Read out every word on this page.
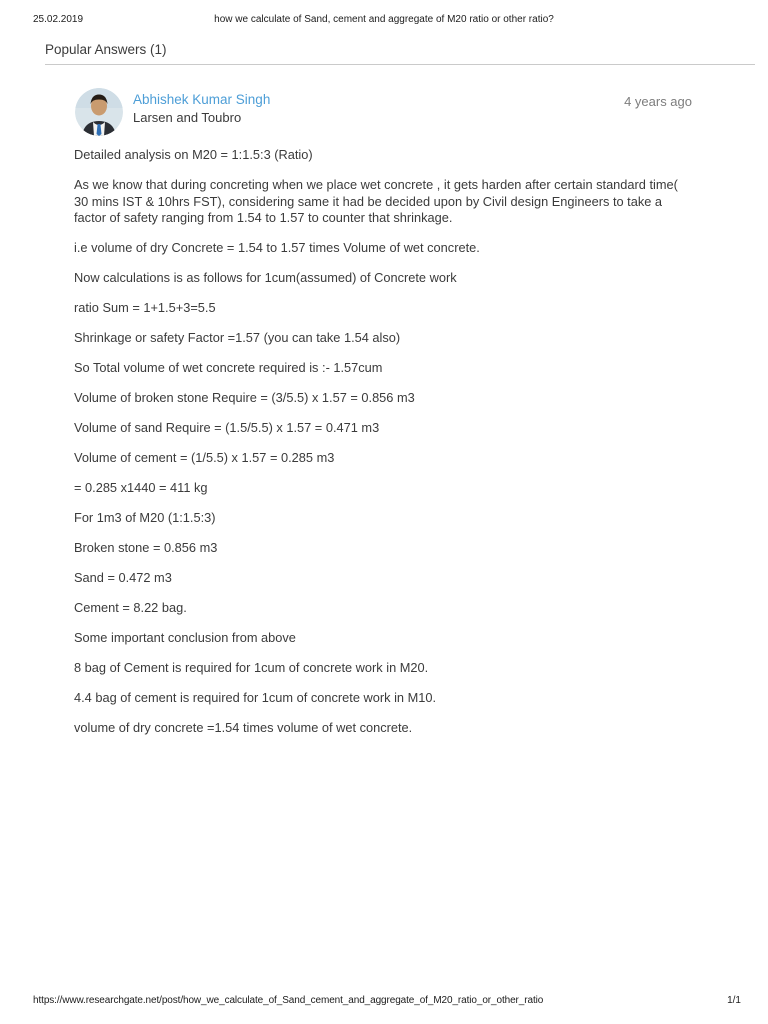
25.02.2019	how we calculate of Sand, cement and aggregate of M20 ratio or other ratio?
Popular Answers (1)
Abhishek Kumar Singh
Larsen and Toubro
4 years ago

Detailed analysis on M20 = 1:1.5:3 (Ratio)

As we know that during concreting when we place wet concrete , it gets harden after certain standard time( 30 mins IST & 10hrs FST), considering same it had be decided upon by Civil design Engineers to take a factor of safety ranging from 1.54 to 1.57 to counter that shrinkage.

i.e volume of dry Concrete = 1.54 to 1.57 times Volume of wet concrete.

Now calculations is as follows for 1cum(assumed) of Concrete work

ratio Sum = 1+1.5+3=5.5

Shrinkage or safety Factor =1.57 (you can take 1.54 also)

So Total volume of wet concrete required is :- 1.57cum

Volume of broken stone Require = (3/5.5) x 1.57 = 0.856 m3

Volume of sand Require = (1.5/5.5) x 1.57 = 0.471 m3

Volume of cement = (1/5.5) x 1.57 = 0.285 m3

= 0.285 x1440 = 411 kg

For 1m3 of M20 (1:1.5:3)

Broken stone = 0.856 m3

Sand = 0.472 m3

Cement = 8.22 bag.

Some important conclusion from above

8 bag of Cement is required for 1cum of concrete work in M20.

4.4 bag of cement is required for 1cum of concrete work in M10.

volume of dry concrete =1.54 times volume of wet concrete.

https://www.researchgate.net/post/how_we_calculate_of_Sand_cement_and_aggregate_of_M20_ratio_or_other_ratio	1/1
